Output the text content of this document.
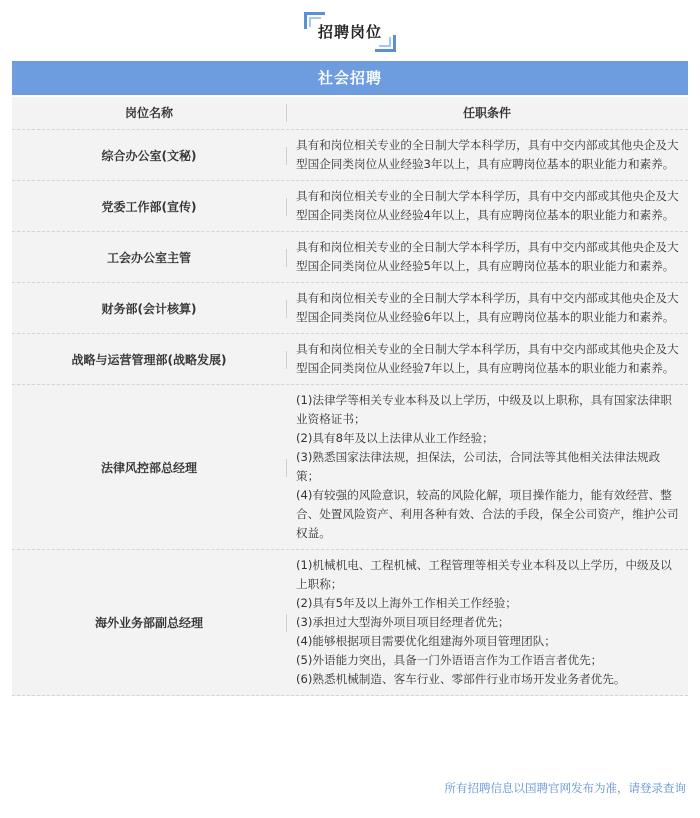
招聘岗位
社会招聘
岗位名称	任职条件
综合办公室(文秘)

具有和岗位相关专业的全日制大学本科学历，具有中交内部或其他央企及大型国企同类岗位从业经验3年以上，具有应聘岗位基本的职业能力和素养。

党委工作部(宣传)

具有和岗位相关专业的全日制大学本科学历，具有中交内部或其他央企及大型国企同类岗位从业经验4年以上，具有应聘岗位基本的职业能力和素养。

工会办公室主管

具有和岗位相关专业的全日制大学本科学历，具有中交内部或其他央企及大型国企同类岗位从业经验5年以上，具有应聘岗位基本的职业能力和素养。

财务部(会计核算)

具有和岗位相关专业的全日制大学本科学历，具有中交内部或其他央企及大型国企同类岗位从业经验6年以上，具有应聘岗位基本的职业能力和素养。

战略与运营管理部(战略发展)

具有和岗位相关专业的全日制大学本科学历，具有中交内部或其他央企及大型国企同类岗位从业经验7年以上，具有应聘岗位基本的职业能力和素养。

法律风控部总经理

(1)法律学等相关专业本科及以上学历，中级及以上职称，具有国家法律职业资格证书；

(2)具有8年及以上法律从业工作经验；

(3)熟悉国家法律法规，担保法，公司法，合同法等其他相关法律法规政策；

(4)有较强的风险意识，较高的风险化解，项目操作能力，能有效经营、整合、处置风险资产、利用各种有效、合法的手段，保全公司资产，维护公司权益。

海外业务部副总经理

(1)机械机电、工程机械、工程管理等相关专业本科及以上学历，中级及以上职称；

(2)具有5年及以上海外工作相关工作经验；

(3)承担过大型海外项目项目经理者优先；

(4)能够根据项目需要优化组建海外项目管理团队；

(5)外语能力突出，具备一门外语语言作为工作语言者优先；

(6)熟悉机械制造、客车行业、零部件行业市场开发业务者优先。

所有招聘信息以国聘官网发布为准，请登录查询
